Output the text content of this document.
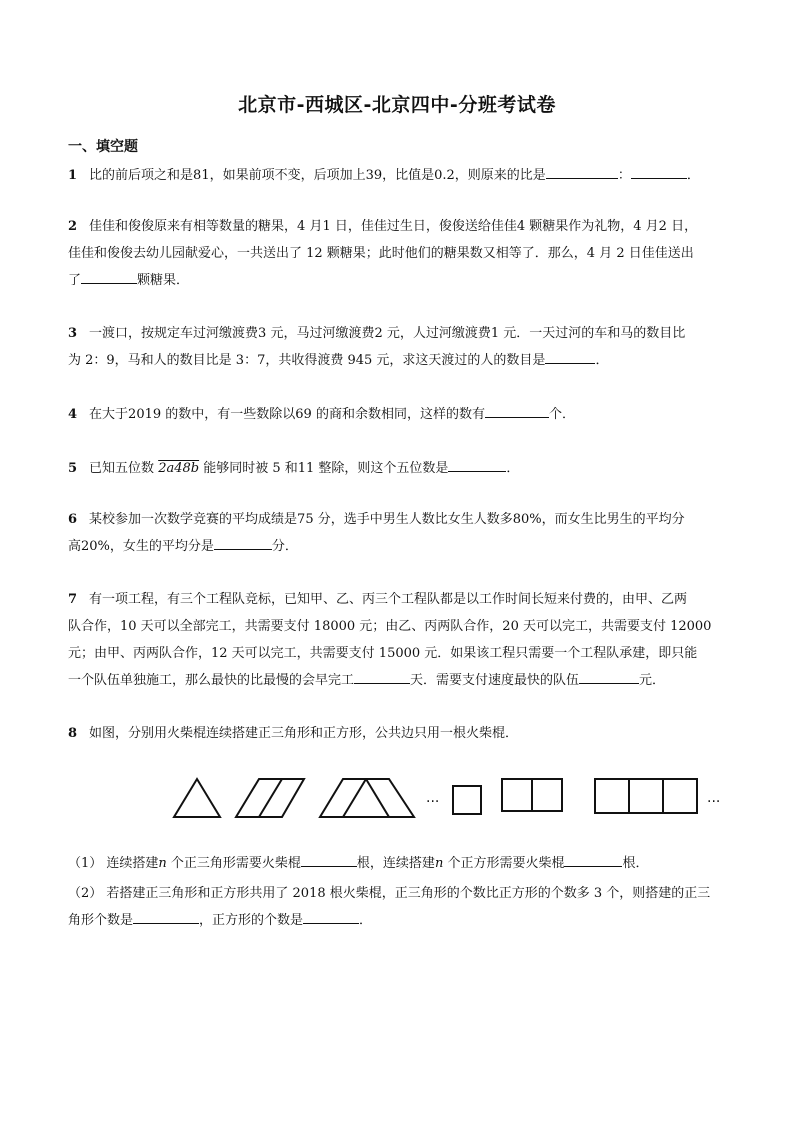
北京市-西城区-北京四中-分班考试卷
一、填空题
1 比的前后项之和是81，如果前项不变，后项加上39，比值是0.2，则原来的比是	：	．
2 佳佳和俊俊原来有相等数量的糖果，4 月1 日，佳佳过生日，俊俊送给佳佳4 颗糖果作为礼物，4 月2 日，
佳佳和俊俊去幼儿园献爱心，一共送出了 12 颗糖果；此时他们的糖果数又相等了．那么，4 月 2 日佳佳送出
了	颗糖果．
3 一渡口，按规定车过河缴渡费3 元，马过河缴渡费2 元，人过河缴渡费1 元．一天过河的车和马的数目比
为 2：9，马和人的数目比是 3：7，共收得渡费 945 元，求这天渡过的人的数目是	．
4 在大于2019 的数中，有一些数除以69 的商和余数相同，这样的数有	个．
5 已知五位数 2a48b 能够同时被 5 和11 整除，则这个五位数是	．
6 某校参加一次数学竞赛的平均成绩是75 分，选手中男生人数比女生人数多80%，而女生比男生的平均分
高20%，女生的平均分是	分．
7 有一项工程，有三个工程队竞标，已知甲、乙、丙三个工程队都是以工作时间长短来付费的，由甲、乙两
队合作，10 天可以全部完工，共需要支付 18000 元；由乙、丙两队合作，20 天可以完工，共需要支付 12000
元；由甲、丙两队合作，12 天可以完工，共需要支付 15000 元．如果该工程只需要一个工程队承建，即只能
一个队伍单独施工，那么最快的比最慢的会早完工	天．需要支付速度最快的队伍	元．
8 如图，分别用火柴棍连续搭建正三角形和正方形，公共边只用一根火柴棍．
···	···
（1） 连续搭建n 个正三角形需要火柴棍	根，连续搭建n 个正方形需要火柴棍	根．
（2） 若搭建正三角形和正方形共用了 2018 根火柴棍，正三角形的个数比正方形的个数多 3 个，则搭建的正三
角形个数是	，正方形的个数是	．
